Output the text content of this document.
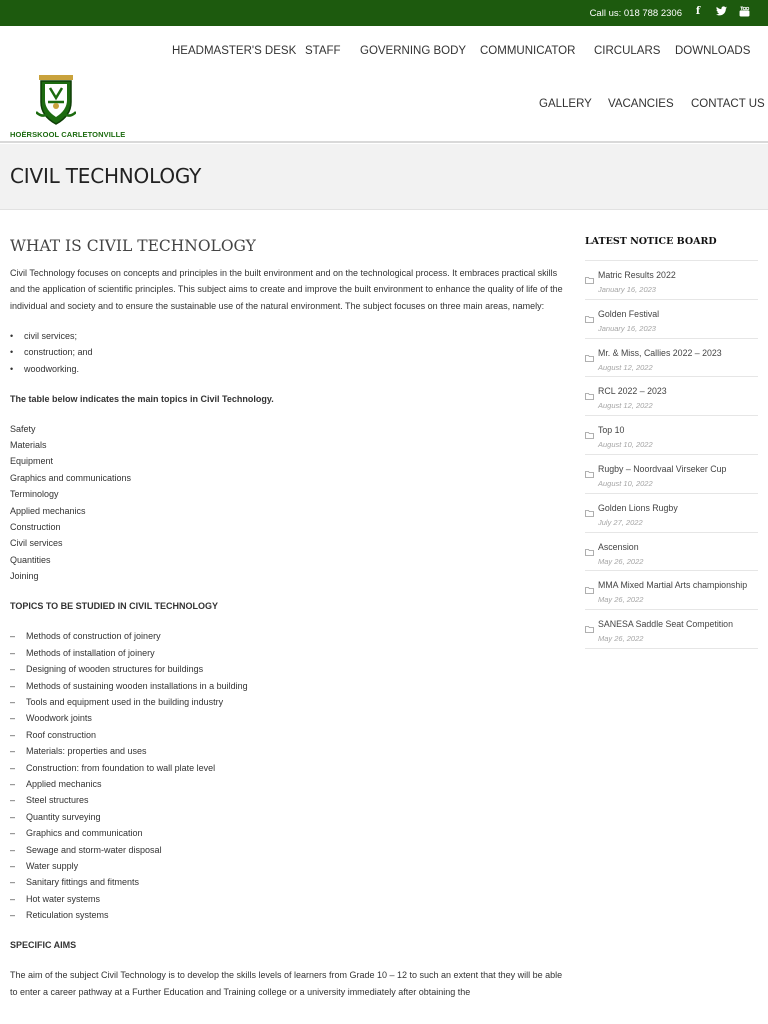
Call us: 018 788 2306	f
HOËRSKOOL CARLETONVILLE
HEADMASTER'S DESK STAFF GOVERNING BODY COMMUNICATOR CIRCULARS DOWNLOADS
GALLERY VACANCIES CONTACT US
CIVIL TECHNOLOGY
WHAT IS CIVIL TECHNOLOGY

Civil Technology focuses on concepts and principles in the built environment and on the technological process. It embraces practical skills and the application of scientific principles. This subject aims to create and improve the built environment to enhance the quality of life of the individual and society and to ensure the sustainable use of the natural environment. The subject focuses on three main areas, namely:

• civil services;
• construction; and
• woodworking.

The table below indicates the main topics in Civil Technology.

Safety
Materials
Equipment
Graphics and communications
Terminology
Applied mechanics
Construction
Civil services
Quantities
Joining

TOPICS TO BE STUDIED IN CIVIL TECHNOLOGY

– Methods of construction of joinery
– Methods of installation of joinery
– Designing of wooden structures for buildings
– Methods of sustaining wooden installations in a building
– Tools and equipment used in the building industry
– Woodwork joints
– Roof construction
– Materials: properties and uses
– Construction: from foundation to wall plate level
– Applied mechanics
– Steel structures
– Quantity surveying
– Graphics and communication
– Sewage and storm-water disposal
– Water supply
– Sanitary fittings and fitments
– Hot water systems
– Reticulation systems

SPECIFIC AIMS

The aim of the subject Civil Technology is to develop the skills levels of learners from Grade 10 – 12 to such an extent that they will be able to enter a career pathway at a Further Education and Training college or a university immediately after obtaining the

LATEST NOTICE BOARD
Matric Results 2022
January 16, 2023
Golden Festival
January 16, 2023
Mr. & Miss, Callies 2022 – 2023
August 12, 2022
RCL 2022 – 2023
August 12, 2022
Top 10
August 10, 2022
Rugby – Noordvaal Virseker Cup
August 10, 2022
Golden Lions Rugby
July 27, 2022
Ascension
May 26, 2022
MMA Mixed Martial Arts championship
May 26, 2022
SANESA Saddle Seat Competition
May 26, 2022
